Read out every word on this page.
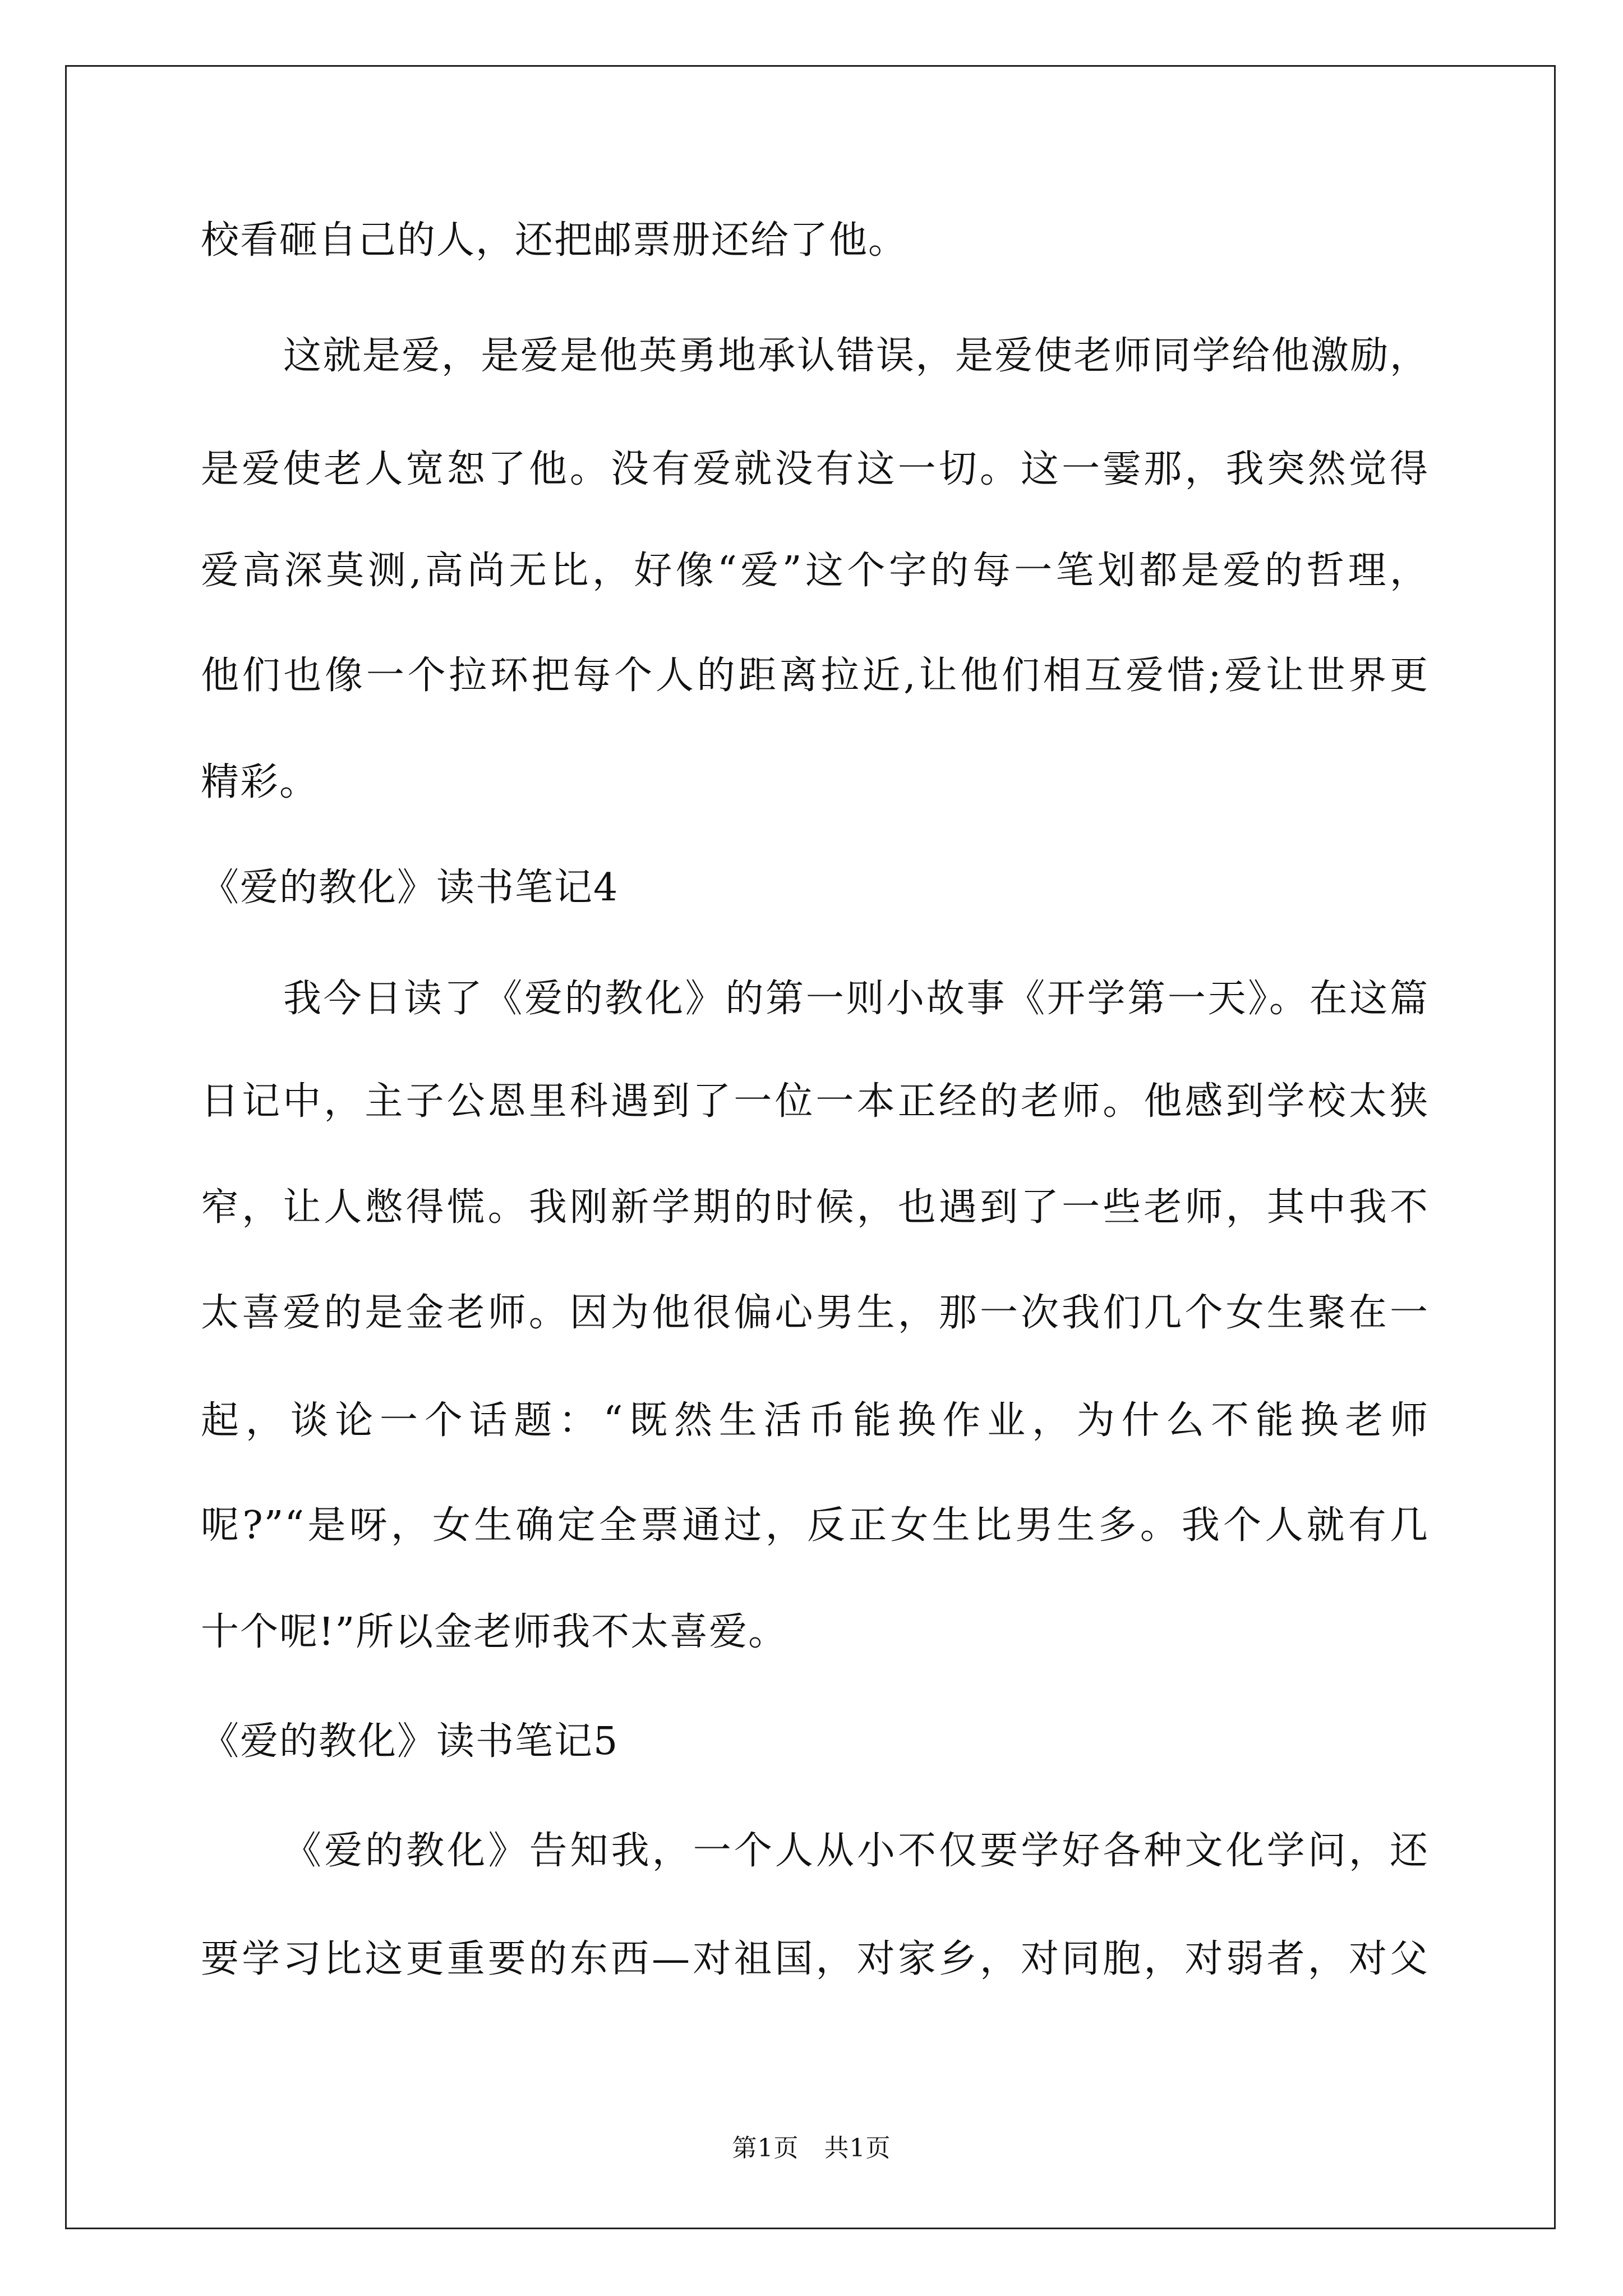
校看砸自己的人，还把邮票册还给了他。
这就是爱，是爱是他英勇地承认错误，是爱使老师同学给他激励，
是爱使老人宽恕了他。没有爱就没有这一切。这一霎那，我突然觉得
爱高深莫测,高尚无比，好像“爱”这个字的每一笔划都是爱的哲理，
他们也像一个拉环把每个人的距离拉近,让他们相互爱惜;爱让世界更
精彩。
《爱的教化》读书笔记4
我今日读了《爱的教化》的第一则小故事《开学第一天》。在这篇
日记中，主子公恩里科遇到了一位一本正经的老师。他感到学校太狭
窄，让人憋得慌。我刚新学期的时候，也遇到了一些老师，其中我不
太喜爱的是金老师。因为他很偏心男生，那一次我们几个女生聚在一
起，谈论一个话题：“既然生活币能换作业，为什么不能换老师
呢?”“是呀，女生确定全票通过，反正女生比男生多。我个人就有几
十个呢!”所以金老师我不太喜爱。
《爱的教化》读书笔记5
《爱的教化》告知我，一个人从小不仅要学好各种文化学问，还
要学习比这更重要的东西—对祖国，对家乡，对同胞，对弱者，对父
第1页　共1页
